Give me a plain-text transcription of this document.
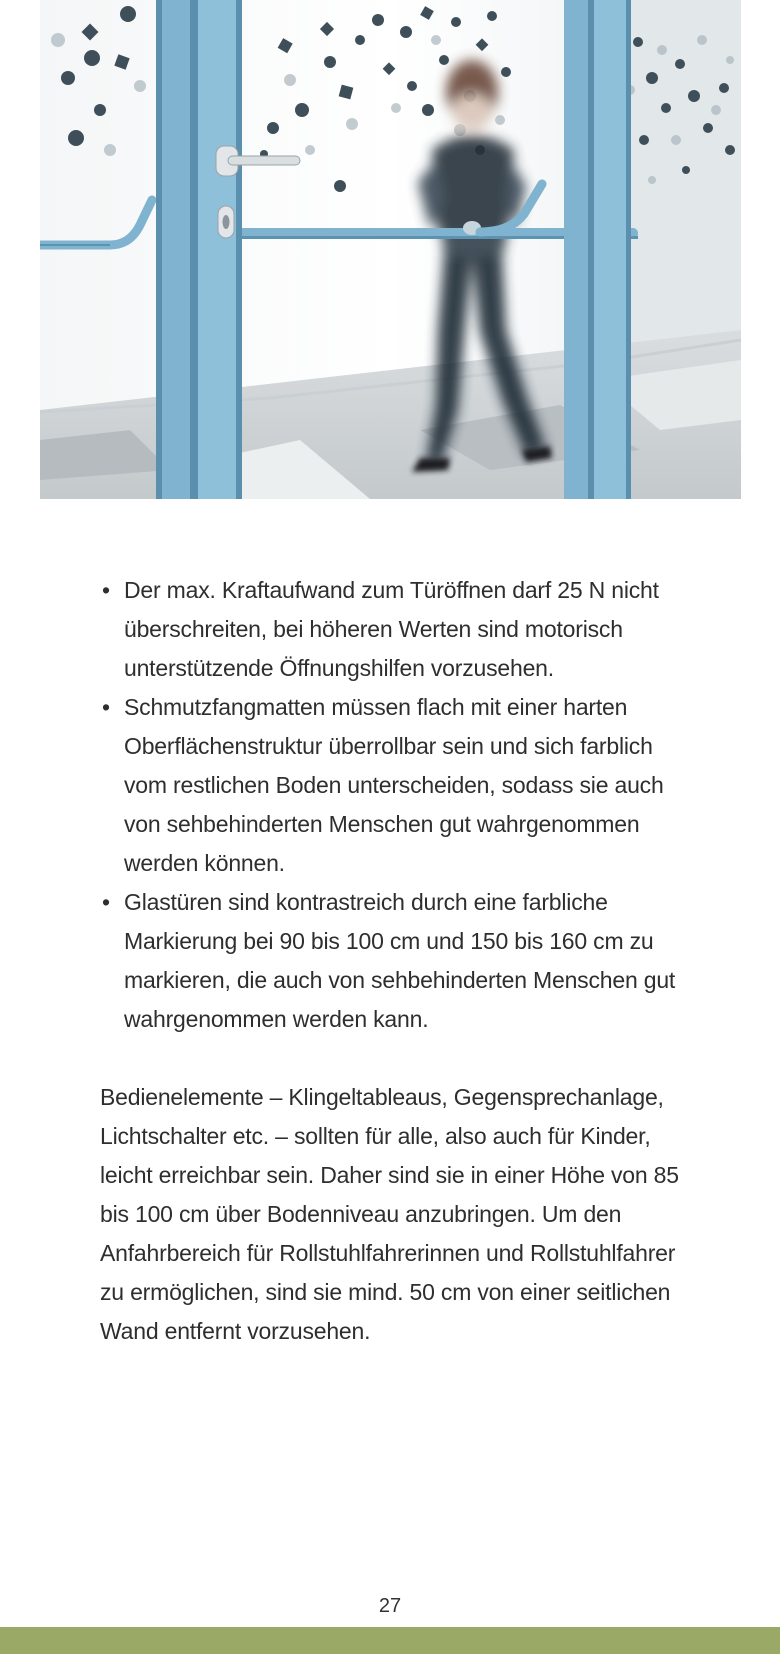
• Der max. Kraftaufwand zum Türöffnen darf 25 N nicht überschreiten, bei höheren Werten sind motorisch unterstützende Öffnungshilfen vorzusehen.
• Schmutzfangmatten müssen flach mit einer harten Oberflächenstruktur überrollbar sein und sich farblich vom restlichen Boden unterscheiden, sodass sie auch von sehbehinderten Menschen gut wahrgenommen werden können.
• Glastüren sind kontrastreich durch eine farbliche Markierung bei 90 bis 100 cm und 150 bis 160 cm zu markieren, die auch von sehbehinderten Menschen gut wahrgenommen werden kann.

Bedienelemente – Klingeltableaus, Gegensprechanlage, Lichtschalter etc. – sollten für alle, also auch für Kinder, leicht erreichbar sein. Daher sind sie in einer Höhe von 85 bis 100 cm über Bodenniveau anzubringen. Um den Anfahrbereich für Rollstuhlfahrerinnen und Rollstuhlfahrer zu ermöglichen, sind sie mind. 50 cm von einer seitlichen Wand entfernt vorzusehen.

27
